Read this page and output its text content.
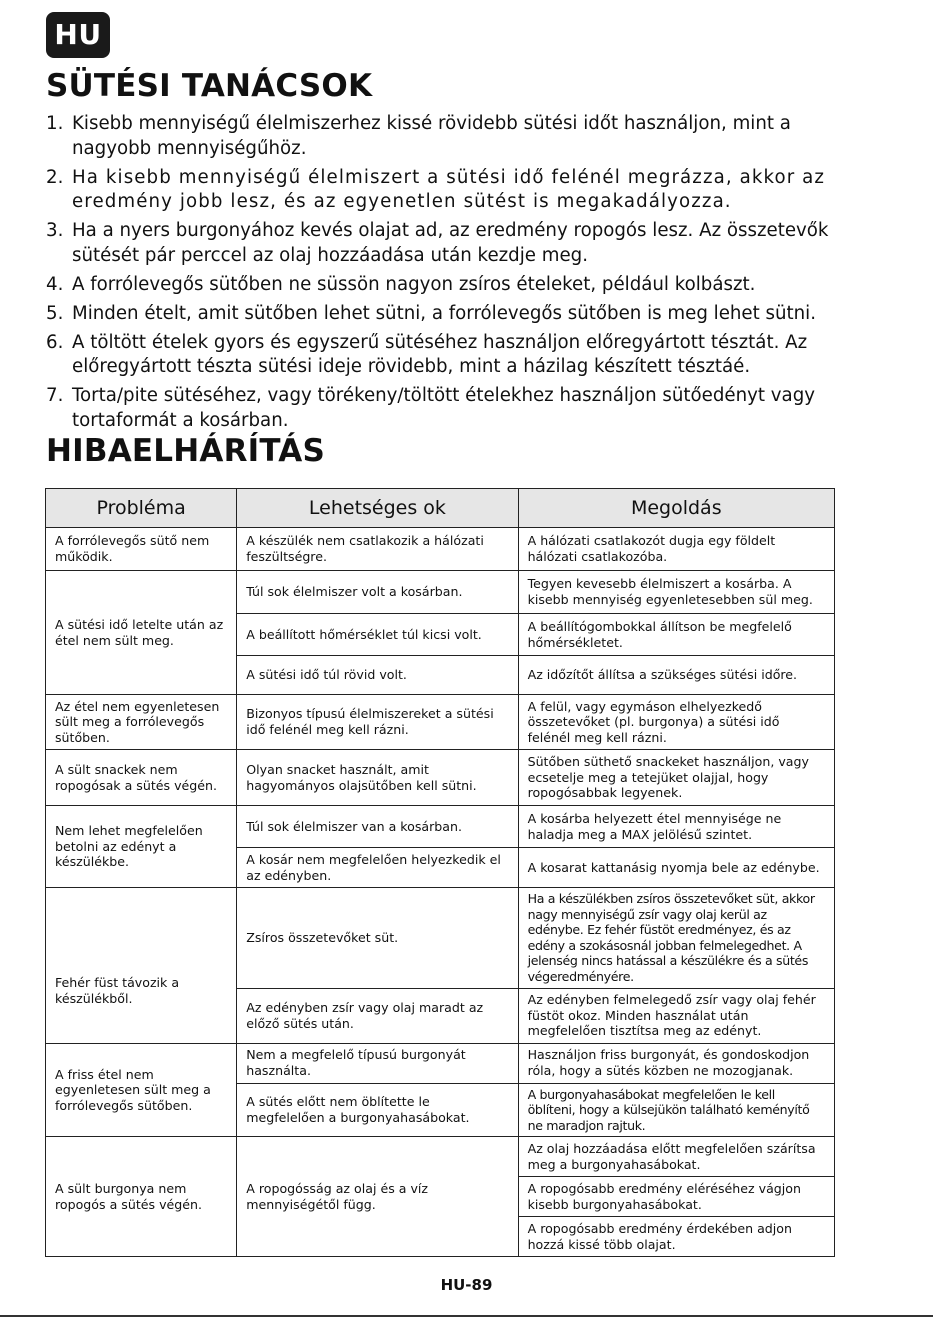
HU
SÜTÉSI TANÁCSOK
1. Kisebb mennyiségű élelmiszerhez kissé rövidebb sütési időt használjon, mint a nagyobb mennyiségűhöz.
2. Ha kisebb mennyiségű élelmiszert a sütési idő felénél megrázza, akkor az eredmény jobb lesz, és az egyenetlen sütést is megakadályozza.
3. Ha a nyers burgonyához kevés olajat ad, az eredmény ropogós lesz. Az összetevők sütését pár perccel az olaj hozzáadása után kezdje meg.
4. A forrólevegős sütőben ne süssön nagyon zsíros ételeket, például kolbászt.
5. Minden ételt, amit sütőben lehet sütni, a forrólevegős sütőben is meg lehet sütni.
6. A töltött ételek gyors és egyszerű sütéséhez használjon előregyártott tésztát. Az előregyártott tészta sütési ideje rövidebb, mint a házilag készített tésztáé.
7. Torta/pite sütéséhez, vagy törékeny/töltött ételekhez használjon sütőedényt vagy tortaformát a kosárban.
HIBAELHÁRÍTÁS
Probléma	Lehetséges ok	Megoldás
A forrólevegős sütő nem működik.	A készülék nem csatlakozik a hálózati feszültségre.	A hálózati csatlakozót dugja egy földelt hálózati csatlakozóba.
A sütési idő letelte után az étel nem sült meg.	Túl sok élelmiszer volt a kosárban.	Tegyen kevesebb élelmiszert a kosárba. A kisebb mennyiség egyenletesebben sül meg.
	A beállított hőmérséklet túl kicsi volt.	A beállítógombokkal állítson be megfelelő hőmérsékletet.
	A sütési idő túl rövid volt.	Az időzítőt állítsa a szükséges sütési időre.
Az étel nem egyenletesen sült meg a forrólevegős sütőben.	Bizonyos típusú élelmiszereket a sütési idő felénél meg kell rázni.	A felül, vagy egymáson elhelyezkedő összetevőket (pl. burgonya) a sütési idő felénél meg kell rázni.
A sült snackek nem ropogósak a sütés végén.	Olyan snacket használt, amit hagyományos olajsütőben kell sütni.	Sütőben süthető snackeket használjon, vagy ecsetelje meg a tetejüket olajjal, hogy ropogósabbak legyenek.
Nem lehet megfelelően betolni az edényt a készülékbe.	Túl sok élelmiszer van a kosárban.	A kosárba helyezett étel mennyisége ne haladja meg a MAX jelölésű szintet.
	A kosár nem megfelelően helyezkedik el az edényben.	A kosarat kattanásig nyomja bele az edénybe.
Fehér füst távozik a készülékből.	Zsíros összetevőket süt.	Ha a készülékben zsíros összetevőket süt, akkor nagy mennyiségű zsír vagy olaj kerül az edénybe. Ez fehér füstöt eredményez, és az edény a szokásosnál jobban felmelegedhet. A jelenség nincs hatással a készülékre és a sütés végeredményére.
	Az edényben zsír vagy olaj maradt az előző sütés után.	Az edényben felmelegedő zsír vagy olaj fehér füstöt okoz. Minden használat után megfelelően tisztítsa meg az edényt.
A friss étel nem egyenletesen sült meg a forrólevegős sütőben.	Nem a megfelelő típusú burgonyát használta.	Használjon friss burgonyát, és gondoskodjon róla, hogy a sütés közben ne mozogjanak.
	A sütés előtt nem öblítette le megfelelően a burgonyahasábokat.	A burgonyahasábokat megfelelően le kell öblíteni, hogy a külsejükön található keményítő ne maradjon rajtuk.
A sült burgonya nem ropogós a sütés végén.	A ropogósság az olaj és a víz mennyiségétől függ.	Az olaj hozzáadása előtt megfelelően szárítsa meg a burgonyahasábokat.
		A ropogósabb eredmény eléréséhez vágjon kisebb burgonyahasábokat.
		A ropogósabb eredmény érdekében adjon hozzá kissé több olajat.
HU-89
